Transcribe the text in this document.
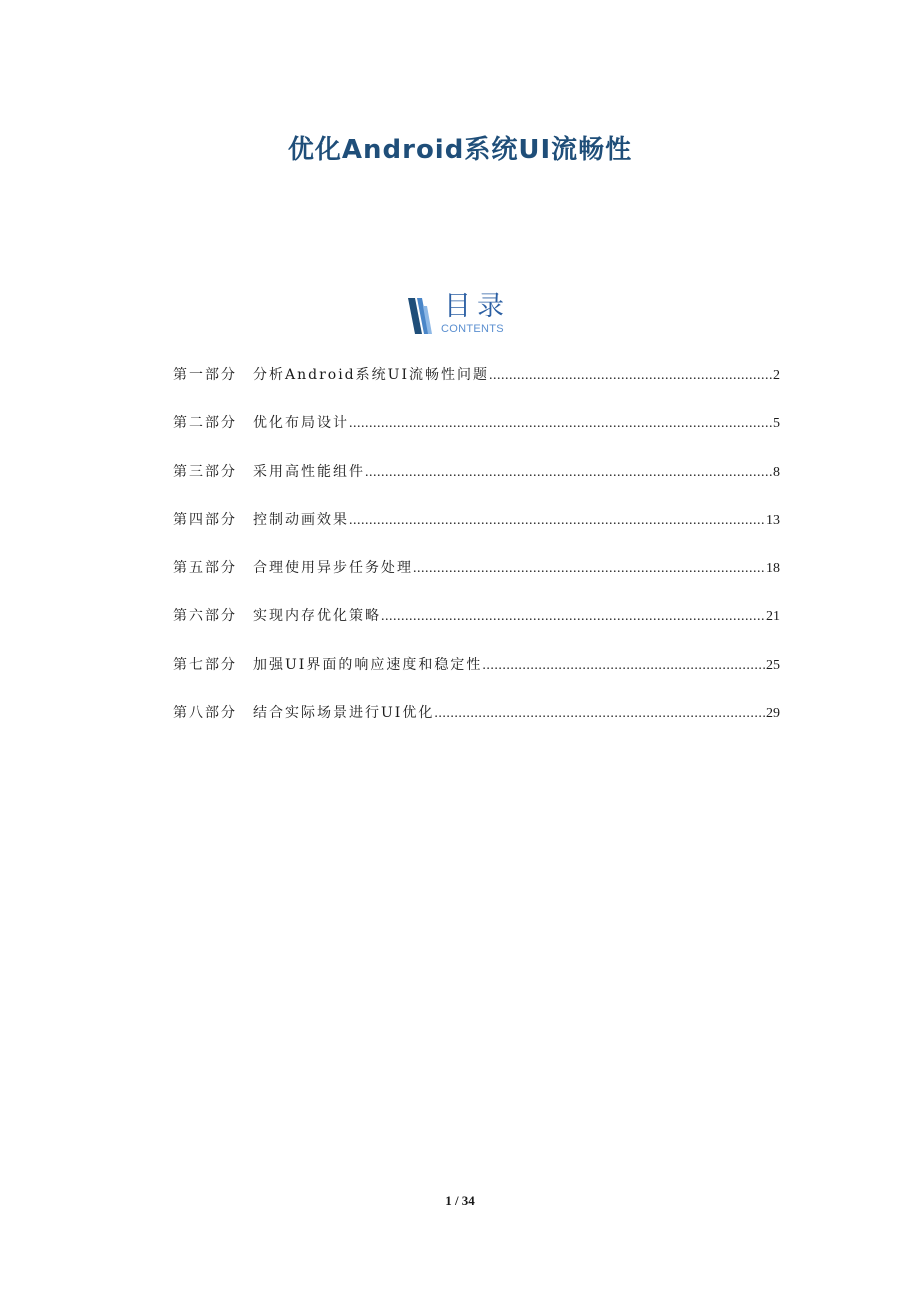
优化Android系统UI流畅性
目录
CONTENTS
第一部分	分析Android系统UI流畅性问题 .....	2
第二部分	优化布局设计 .....	5
第三部分	采用高性能组件 .....	8
第四部分	控制动画效果 .....	13
第五部分	合理使用异步任务处理 .....	18
第六部分	实现内存优化策略 .....	21
第七部分	加强UI界面的响应速度和稳定性 .....	25
第八部分	结合实际场景进行UI优化 .....	29
1 / 34
